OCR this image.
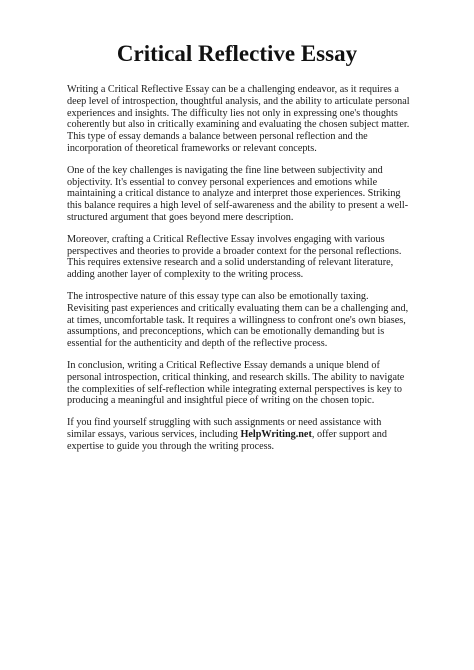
Critical Reflective Essay

Writing a Critical Reflective Essay can be a challenging endeavor, as it requires a deep level of introspection, thoughtful analysis, and the ability to articulate personal experiences and insights. The difficulty lies not only in expressing one's thoughts coherently but also in critically examining and evaluating the chosen subject matter. This type of essay demands a balance between personal reflection and the incorporation of theoretical frameworks or relevant concepts.

One of the key challenges is navigating the fine line between subjectivity and objectivity. It's essential to convey personal experiences and emotions while maintaining a critical distance to analyze and interpret those experiences. Striking this balance requires a high level of self-awareness and the ability to present a well-structured argument that goes beyond mere description.

Moreover, crafting a Critical Reflective Essay involves engaging with various perspectives and theories to provide a broader context for the personal reflections. This requires extensive research and a solid understanding of relevant literature, adding another layer of complexity to the writing process.

The introspective nature of this essay type can also be emotionally taxing. Revisiting past experiences and critically evaluating them can be a challenging and, at times, uncomfortable task. It requires a willingness to confront one's own biases, assumptions, and preconceptions, which can be emotionally demanding but is essential for the authenticity and depth of the reflective process.

In conclusion, writing a Critical Reflective Essay demands a unique blend of personal introspection, critical thinking, and research skills. The ability to navigate the complexities of self-reflection while integrating external perspectives is key to producing a meaningful and insightful piece of writing on the chosen topic.

If you find yourself struggling with such assignments or need assistance with similar essays, various services, including HelpWriting.net, offer support and expertise to guide you through the writing process.
